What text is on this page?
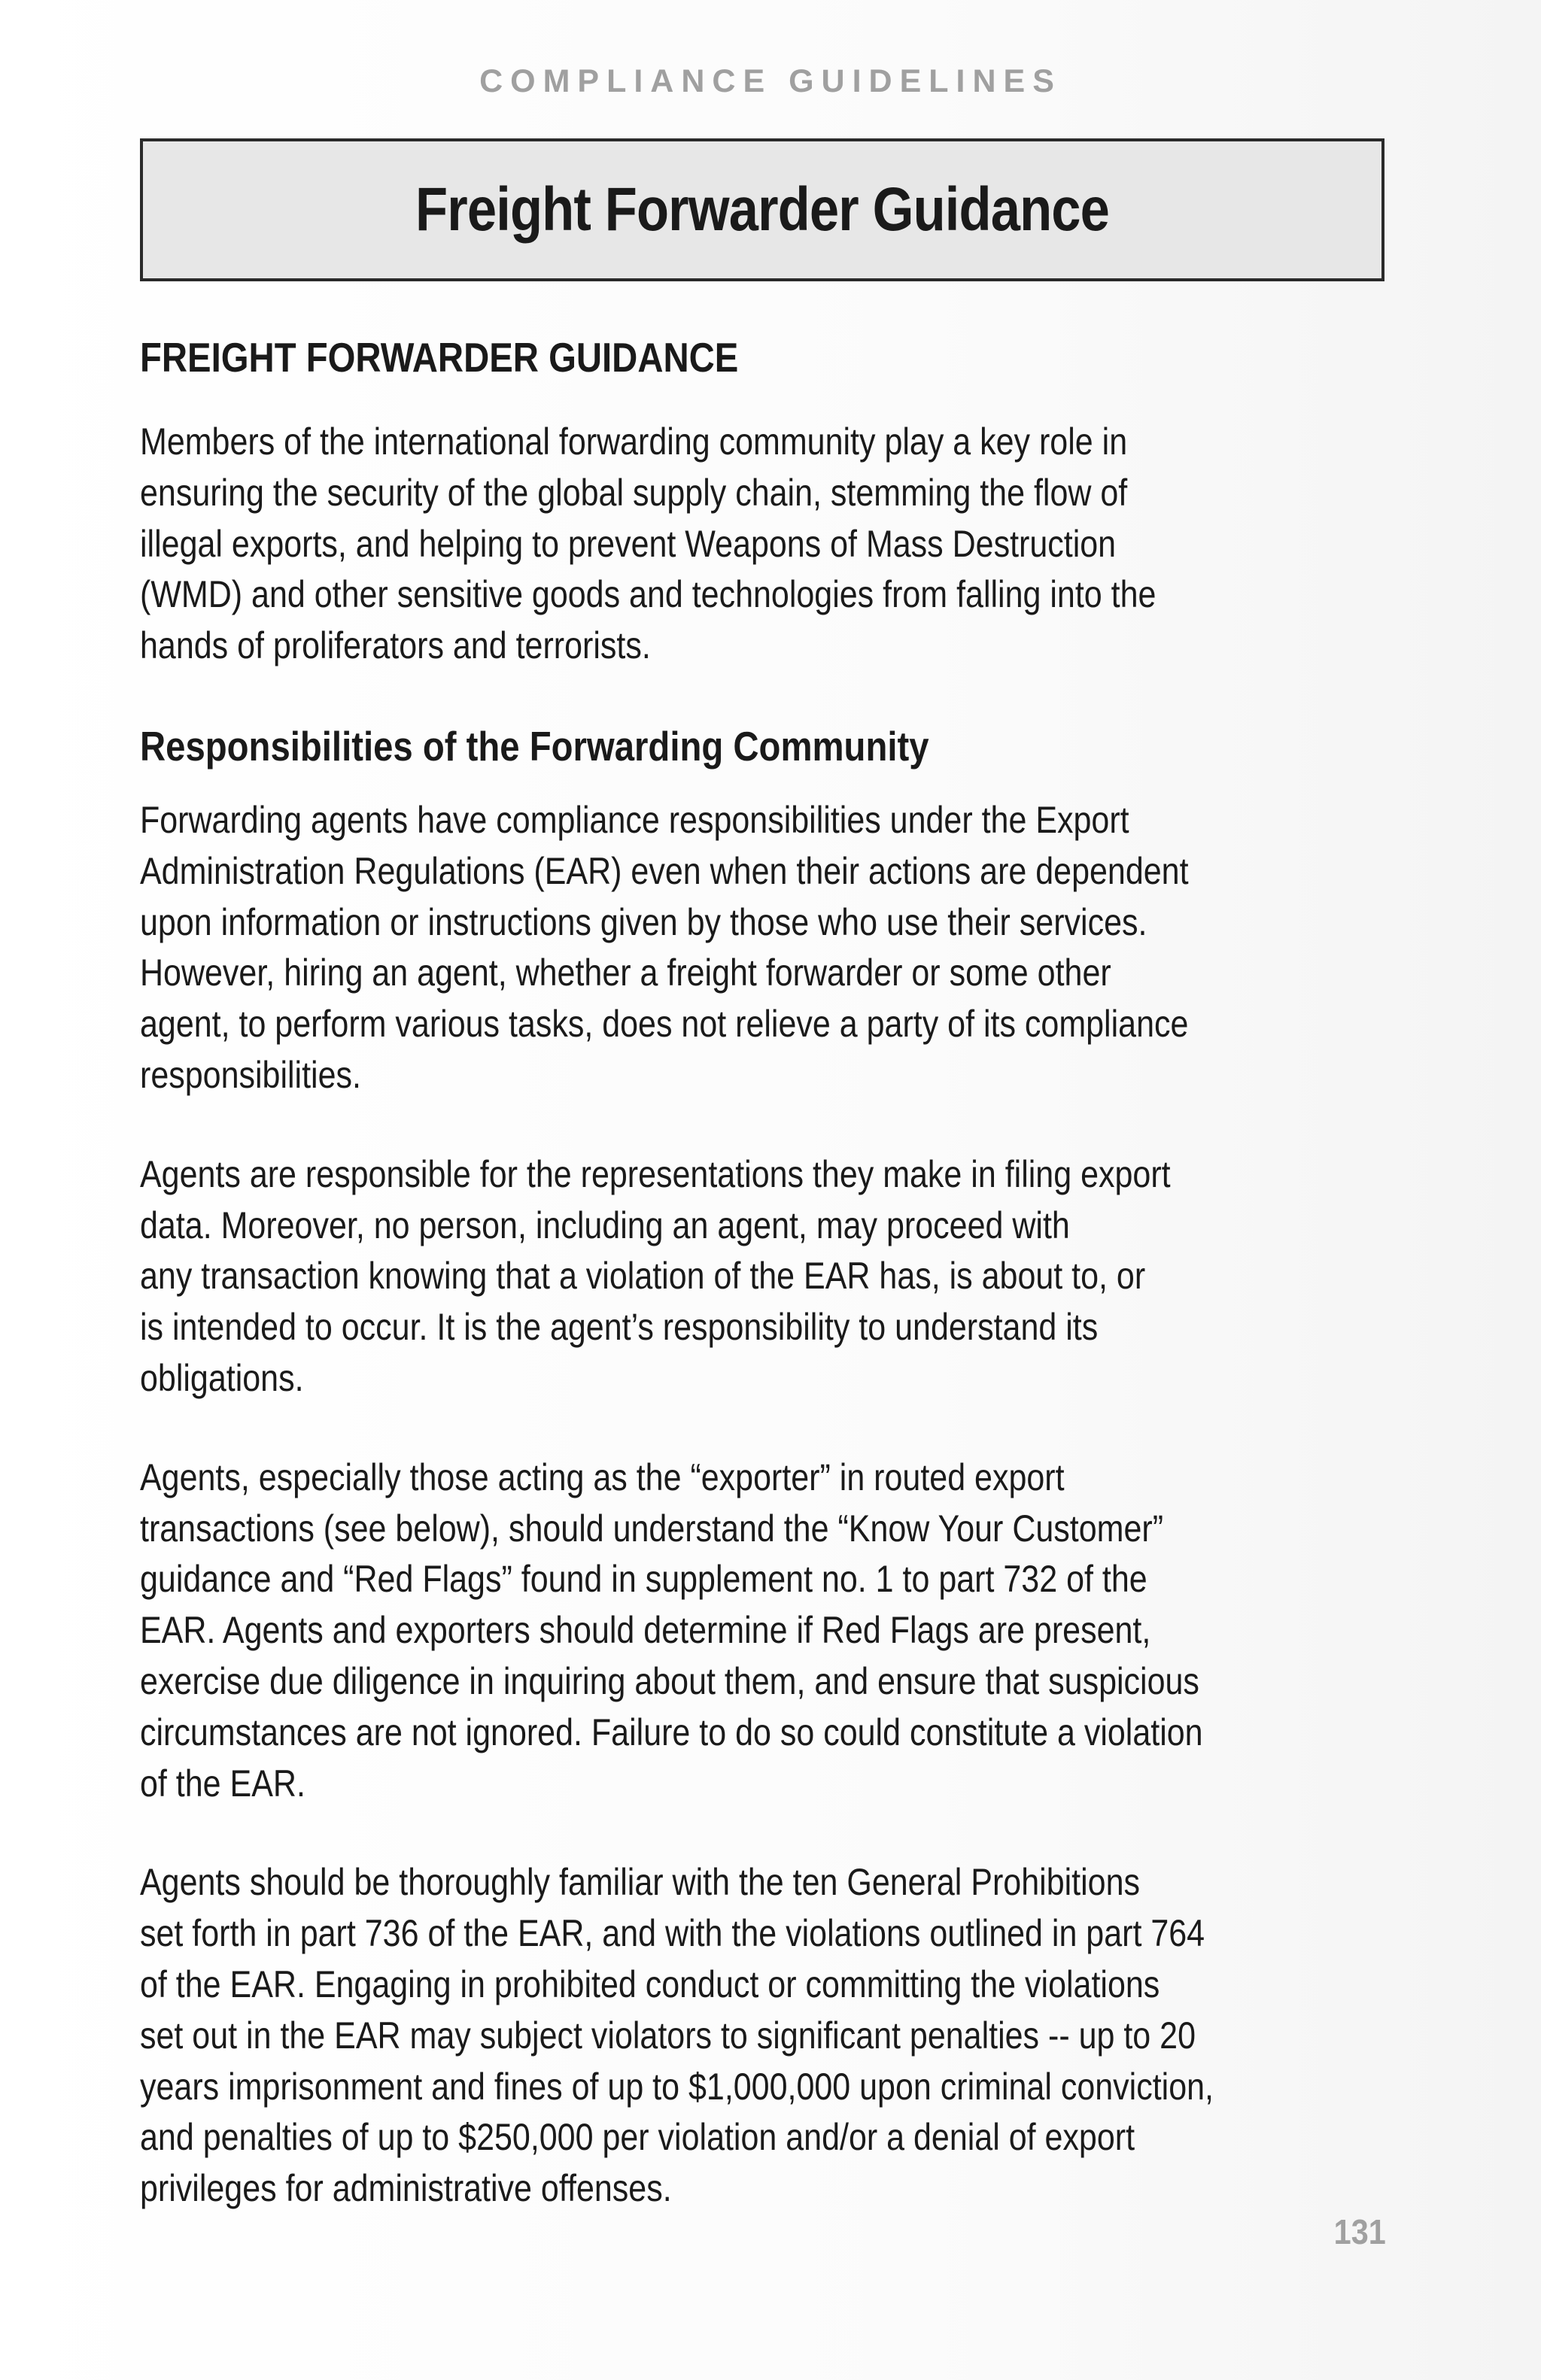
COMPLIANCE GUIDELINES
Freight Forwarder Guidance
FREIGHT FORWARDER GUIDANCE
Members of the international forwarding community play a key role in
ensuring the security of the global supply chain, stemming the flow of
illegal exports, and helping to prevent Weapons of Mass Destruction
(WMD) and other sensitive goods and technologies from falling into the
hands of proliferators and terrorists.
Responsibilities of the Forwarding Community
Forwarding agents have compliance responsibilities under the Export
Administration Regulations (EAR) even when their actions are dependent
upon information or instructions given by those who use their services.
However, hiring an agent, whether a freight forwarder or some other
agent, to perform various tasks, does not relieve a party of its compliance
responsibilities.
Agents are responsible for the representations they make in filing export
data. Moreover, no person, including an agent, may proceed with
any transaction knowing that a violation of the EAR has, is about to, or
is intended to occur. It is the agent’s responsibility to understand its
obligations.
Agents, especially those acting as the “exporter” in routed export
transactions (see below), should understand the “Know Your Customer”
guidance and “Red Flags” found in supplement no. 1 to part 732 of the
EAR. Agents and exporters should determine if Red Flags are present,
exercise due diligence in inquiring about them, and ensure that suspicious
circumstances are not ignored. Failure to do so could constitute a violation
of the EAR.
Agents should be thoroughly familiar with the ten General Prohibitions
set forth in part 736 of the EAR, and with the violations outlined in part 764
of the EAR. Engaging in prohibited conduct or committing the violations
set out in the EAR may subject violators to significant penalties -- up to 20
years imprisonment and fines of up to $1,000,000 upon criminal conviction,
and penalties of up to $250,000 per violation and/or a denial of export
privileges for administrative offenses.
131
